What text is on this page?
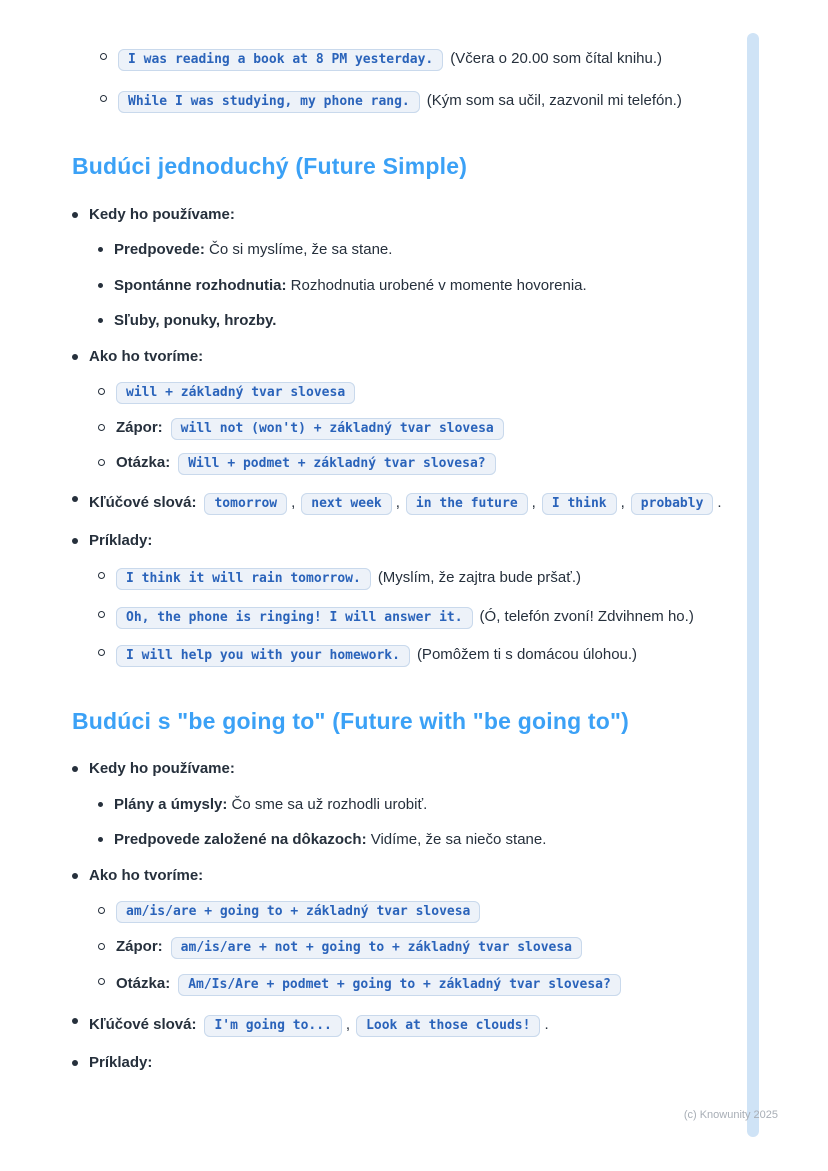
(c) Knowunity 2025
I was reading a book at 8 PM yesterday. (Včera o 20.00 som čítal knihu.)
While I was studying, my phone rang. (Kým som sa učil, zazvonil mi telefón.)
Budúci jednoduchý (Future Simple)
Kedy ho používame:
Predpovede: Čo si myslíme, že sa stane.
Spontánne rozhodnutia: Rozhodnutia urobené v momente hovorenia.
Sľuby, ponuky, hrozby.
Ako ho tvoríme:
will + základný tvar slovesa
Zápor: will not (won't) + základný tvar slovesa
Otázka: Will + podmet + základný tvar slovesa?
Kľúčové slová: tomorrow , next week , in the future , I think , probably .
Príklady:
I think it will rain tomorrow. (Myslím, že zajtra bude pršať.)
Oh, the phone is ringing! I will answer it. (Ó, telefón zvoní! Zdvihnem ho.)
I will help you with your homework. (Pomôžem ti s domácou úlohou.)
Budúci s "be going to" (Future with "be going to")
Kedy ho používame:
Plány a úmysly: Čo sme sa už rozhodli urobiť.
Predpovede založené na dôkazoch: Vidíme, že sa niečo stane.
Ako ho tvoríme:
am/is/are + going to + základný tvar slovesa
Zápor: am/is/are + not + going to + základný tvar slovesa
Otázka: Am/Is/Are + podmet + going to + základný tvar slovesa?
Kľúčové slová: I'm going to... , Look at those clouds! .
Príklady:
